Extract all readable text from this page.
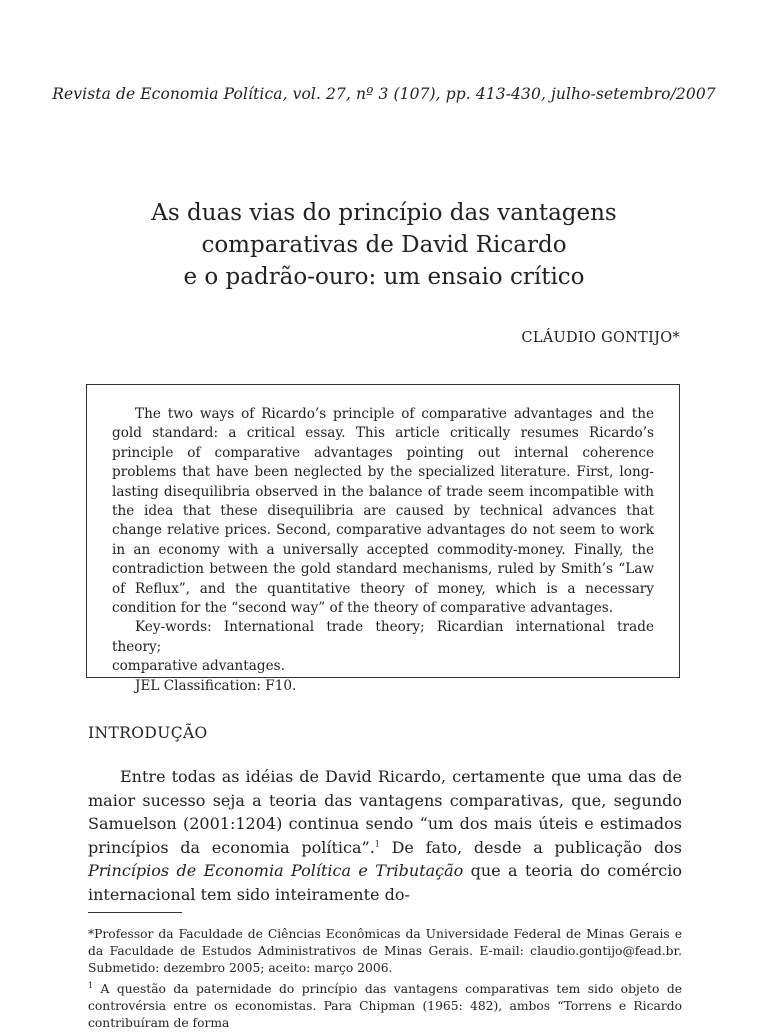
Revista de Economia Política, vol. 27, nº 3 (107), pp. 413-430, julho-setembro/2007
As duas vias do princípio das vantagens
comparativas de David Ricardo
e o padrão-ouro: um ensaio crítico
CLÁUDIO GONTIJO*

The two ways of Ricardo’s principle of comparative advantages and the gold standard: a critical essay. This article critically resumes Ricardo’s principle of comparative advantages pointing out internal coherence problems that have been neglected by the specialized literature. First, long-lasting disequilibria observed in the balance of trade seem incompatible with the idea that these disequilibria are caused by technical advances that change relative prices. Second, comparative advantages do not seem to work in an economy with a universally accepted commodity-money. Finally, the contradiction between the gold standard mechanisms, ruled by Smith’s “Law of Reflux”, and the quantitative theory of money, which is a necessary condition for the “second way” of the theory of comparative advantages.

Key-words: International trade theory; Ricardian international trade theory;

comparative advantages.

JEL Classification: F10.

INTRODUÇÃO

Entre todas as idéias de David Ricardo, certamente que uma das de maior sucesso seja a teoria das vantagens comparativas, que, segundo Samuelson (2001:1204) continua sendo “um dos mais úteis e estimados princípios da economia política”.$^1$ De fato, desde a publicação dos Princípios de Economia Política e Tributação que a teoria do comércio internacional tem sido inteiramente do-

*Professor da Faculdade de Ciências Econômicas da Universidade Federal de Minas Gerais e da Faculdade de Estudos Administrativos de Minas Gerais. E-mail: claudio.gontijo@fead.br. Submetido: dezembro 2005; aceito: março 2006.

$^1$ A questão da paternidade do princípio das vantagens comparativas tem sido objeto de controvérsia entre os economistas. Para Chipman (1965: 482), ambos “Torrens e Ricardo contribuíram de forma
